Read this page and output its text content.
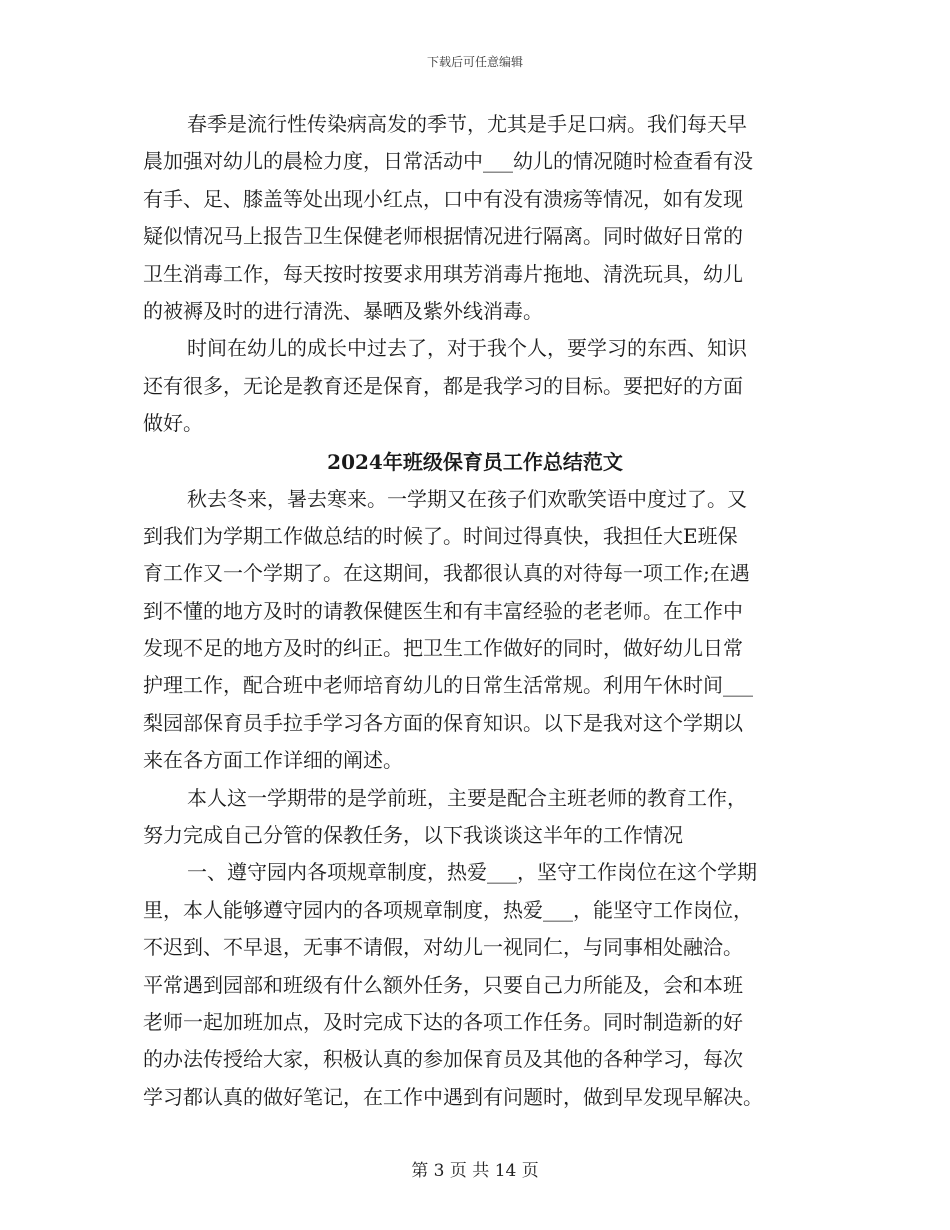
下载后可任意编辑
春季是流行性传染病高发的季节，尤其是手足口病。我们每天早
晨加强对幼儿的晨检力度，日常活动中___幼儿的情况随时检查看有没
有手、足、膝盖等处出现小红点，口中有没有溃疡等情况，如有发现
疑似情况马上报告卫生保健老师根据情况进行隔离。同时做好日常的
卫生消毒工作，每天按时按要求用琪芳消毒片拖地、清洗玩具，幼儿
的被褥及时的进行清洗、暴晒及紫外线消毒。
时间在幼儿的成长中过去了，对于我个人，要学习的东西、知识
还有很多，无论是教育还是保育，都是我学习的目标。要把好的方面
做好。
2024年班级保育员工作总结范文
秋去冬来，暑去寒来。一学期又在孩子们欢歌笑语中度过了。又
到我们为学期工作做总结的时候了。时间过得真快，我担任大E班保
育工作又一个学期了。在这期间，我都很认真的对待每一项工作;在遇
到不懂的地方及时的请教保健医生和有丰富经验的老老师。在工作中
发现不足的地方及时的纠正。把卫生工作做好的同时，做好幼儿日常
护理工作，配合班中老师培育幼儿的日常生活常规。利用午休时间___
梨园部保育员手拉手学习各方面的保育知识。以下是我对这个学期以
来在各方面工作详细的阐述。
本人这一学期带的是学前班，主要是配合主班老师的教育工作，
努力完成自己分管的保教任务，以下我谈谈这半年的工作情况
一、遵守园内各项规章制度，热爱___，坚守工作岗位在这个学期
里，本人能够遵守园内的各项规章制度，热爱___，能坚守工作岗位，
不迟到、不早退，无事不请假，对幼儿一视同仁，与同事相处融洽。
平常遇到园部和班级有什么额外任务，只要自己力所能及，会和本班
老师一起加班加点，及时完成下达的各项工作任务。同时制造新的好
的办法传授给大家，积极认真的参加保育员及其他的各种学习，每次
学习都认真的做好笔记，在工作中遇到有问题时，做到早发现早解决。
第 3 页 共 14 页
